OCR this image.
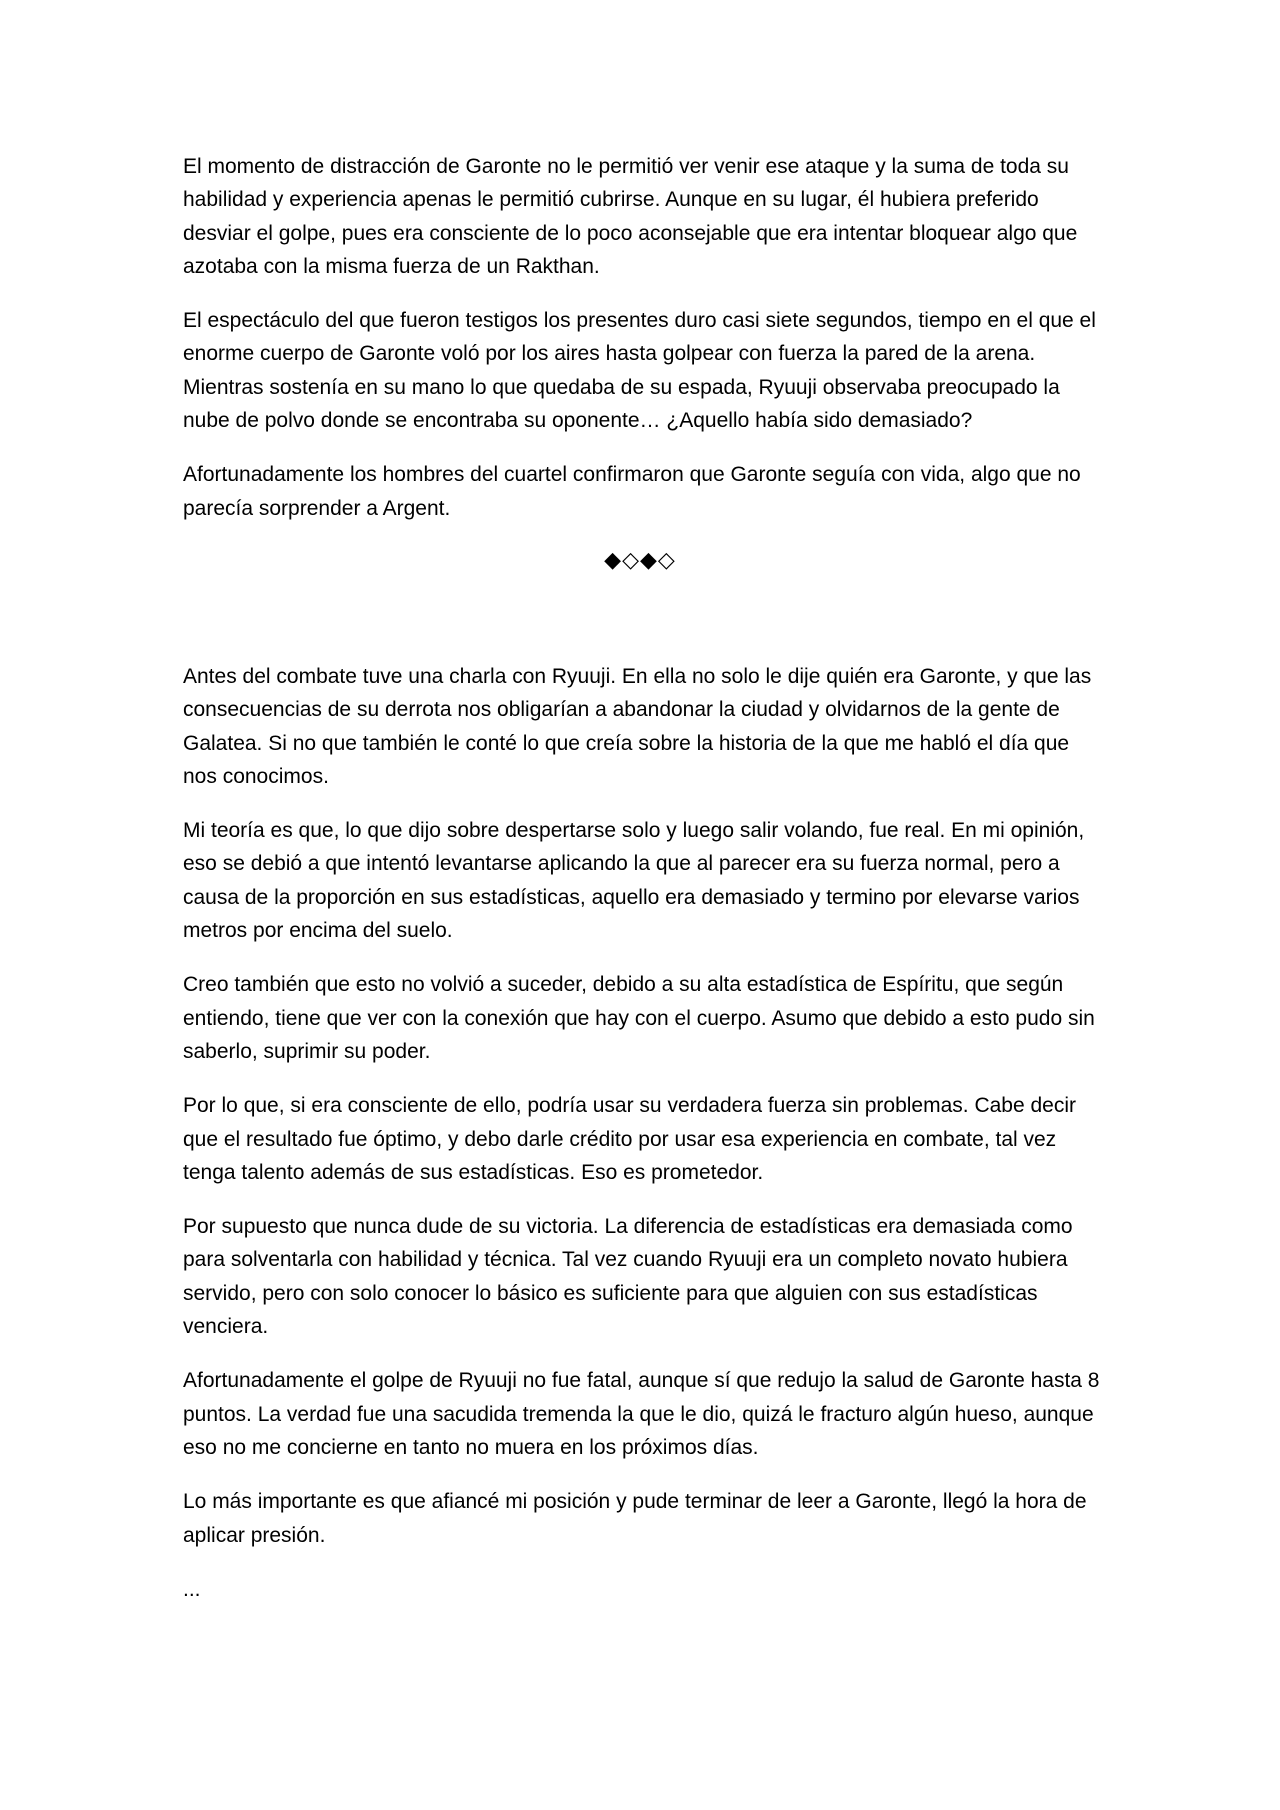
El momento de distracción de Garonte no le permitió ver venir ese ataque y la suma de toda su habilidad y experiencia apenas le permitió cubrirse. Aunque en su lugar, él hubiera preferido desviar el golpe, pues era consciente de lo poco aconsejable que era intentar bloquear algo que azotaba con la misma fuerza de un Rakthan.

El espectáculo del que fueron testigos los presentes duro casi siete segundos, tiempo en el que el enorme cuerpo de Garonte voló por los aires hasta golpear con fuerza la pared de la arena. Mientras sostenía en su mano lo que quedaba de su espada, Ryuuji observaba preocupado la nube de polvo donde se encontraba su oponente… ¿Aquello había sido demasiado?

Afortunadamente los hombres del cuartel confirmaron que Garonte seguía con vida, algo que no parecía sorprender a Argent.

◆◇◆◇

Antes del combate tuve una charla con Ryuuji. En ella no solo le dije quién era Garonte, y que las consecuencias de su derrota nos obligarían a abandonar la ciudad y olvidarnos de la gente de Galatea. Si no que también le conté lo que creía sobre la historia de la que me habló el día que nos conocimos.

Mi teoría es que, lo que dijo sobre despertarse solo y luego salir volando, fue real. En mi opinión, eso se debió a que intentó levantarse aplicando la que al parecer era su fuerza normal, pero a causa de la proporción en sus estadísticas, aquello era demasiado y termino por elevarse varios metros por encima del suelo.

Creo también que esto no volvió a suceder, debido a su alta estadística de Espíritu, que según entiendo, tiene que ver con la conexión que hay con el cuerpo. Asumo que debido a esto pudo sin saberlo, suprimir su poder.

Por lo que, si era consciente de ello, podría usar su verdadera fuerza sin problemas. Cabe decir que el resultado fue óptimo, y debo darle crédito por usar esa experiencia en combate, tal vez tenga talento además de sus estadísticas. Eso es prometedor.

Por supuesto que nunca dude de su victoria. La diferencia de estadísticas era demasiada como para solventarla con habilidad y técnica. Tal vez cuando Ryuuji era un completo novato hubiera servido, pero con solo conocer lo básico es suficiente para que alguien con sus estadísticas venciera.

Afortunadamente el golpe de Ryuuji no fue fatal, aunque sí que redujo la salud de Garonte hasta 8 puntos. La verdad fue una sacudida tremenda la que le dio, quizá le fracturo algún hueso, aunque eso no me concierne en tanto no muera en los próximos días.

Lo más importante es que afiancé mi posición y pude terminar de leer a Garonte, llegó la hora de aplicar presión.

...
